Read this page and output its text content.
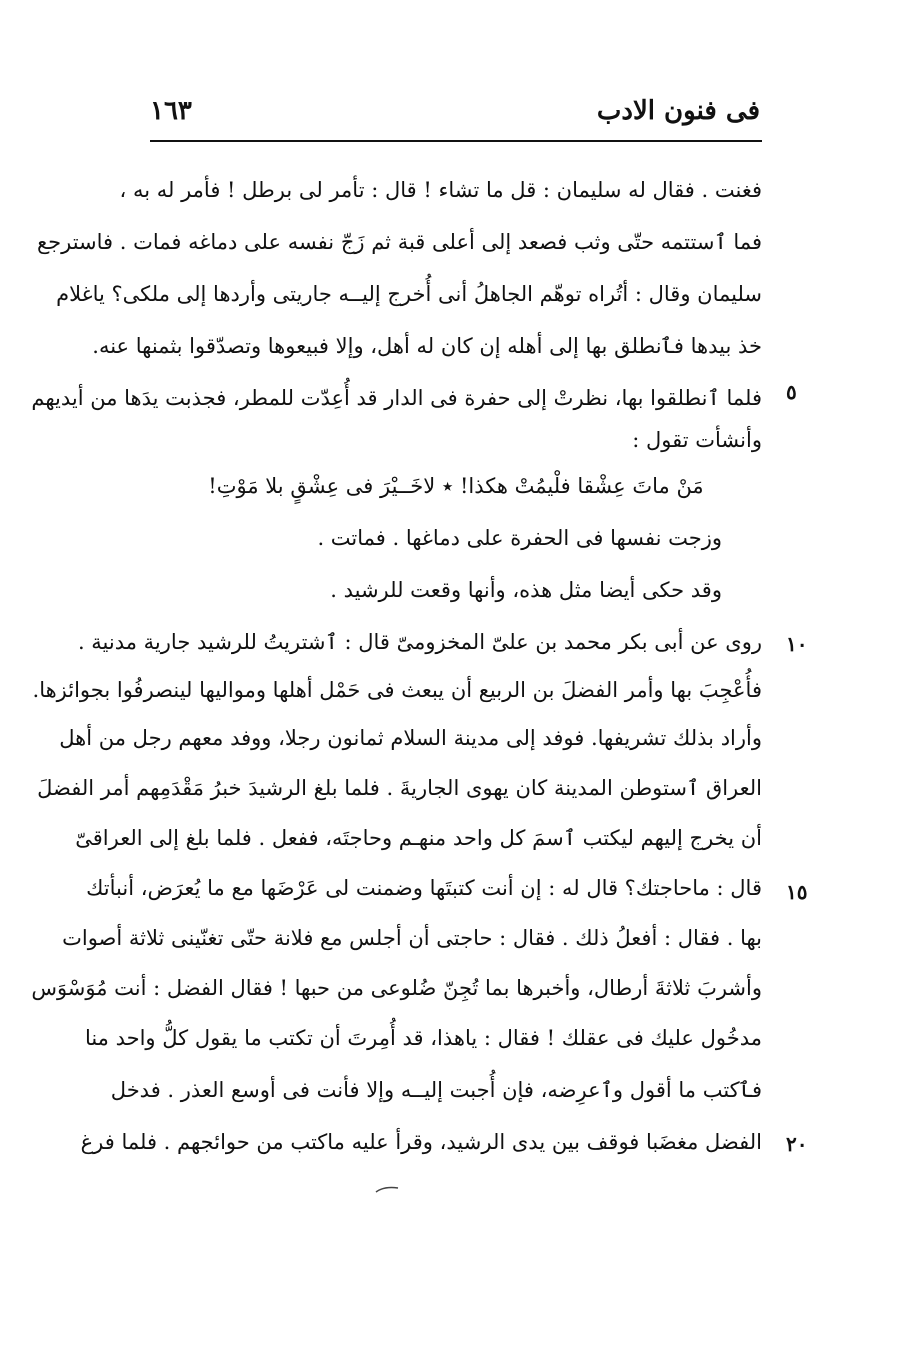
فى فنون الادب
١٦٣
فغنت . فقال له سليمان : قل ما تشاء ! قال : تأمر لى برطل ! فأمر له به ،
فما ٱستتمه حتّى وثب فصعد إلى أعلى قبة ثم زَجّ نفسه على دماغه فمات . فاسترجع
سليمان وقال : أتُراه توهّم الجاهلُ أنى أُخرج إليــه جاريتى وأردها إلى ملكى؟ ياغلام
خذ بيدها فٱنطلق بها إلى أهله إن كان له أهل، وإلا فبيعوها وتصدّقوا بثمنها عنه.
فلما ٱنطلقوا بها، نظرتْ إلى حفرة فى الدار قد أُعِدّت للمطر، فجذبت يدَها من أيديهم
وأنشأت تقول :
مَنْ ماتَ عِشْقا فلْيمُتْ هكذا! ٭ لاخَــيْرَ فى عِشْقٍ بلا مَوْتِ!
وزجت نفسها فى الحفرة على دماغها . فماتت .
وقد حكى أيضا مثل هذه، وأنها وقعت للرشيد .
روى عن أبى بكر محمد بن علىّ المخزومىّ قال : ٱشتريتُ للرشيد جارية مدنية .
فأُعْجِبَ بها وأمر الفضلَ بن الربيع أن يبعث فى حَمْل أهلها ومواليها لينصرفُوا بجوائزها.
وأراد بذلك تشريفها. فوفد إلى مدينة السلام ثمانون رجلا، ووفد معهم رجل من أهل
العراق ٱستوطن المدينة كان يهوى الجاريةَ . فلما بلغ الرشيدَ خبرُ مَقْدَمِهم أمر الفضلَ
أن يخرج إليهم ليكتب ٱسمَ كل واحد منهـم وحاجتَه، ففعل . فلما بلغ إلى العراقىّ
قال : ماحاجتك؟ قال له : إن أنت كتبتَها وضمنت لى عَرْضَها مع ما يُعرَض، أنبأتك
بها . فقال : أفعلُ ذلك . فقال : حاجتى أن أجلس مع فلانة حتّى تغنّينى ثلاثة أصوات
وأشربَ ثلاثةَ أرطال، وأخبرها بما تُجِنّ ضُلوعى من حبها ! فقال الفضل : أنت مُوَسْوَس
مدخُول عليك فى عقلك ! فقال : ياهذا، قد أُمِرتَ أن تكتب ما يقول كلُّ واحد منا
فٱكتب ما أقول وٱعرِضه، فإن أُجبت إليــه وإلا فأنت فى أوسع العذر . فدخل
الفضل مغضَبا فوقف بين يدى الرشيد، وقرأ عليه ماكتب من حوائجهم . فلما فرغ
٥
١٠
١٥
٢٠
